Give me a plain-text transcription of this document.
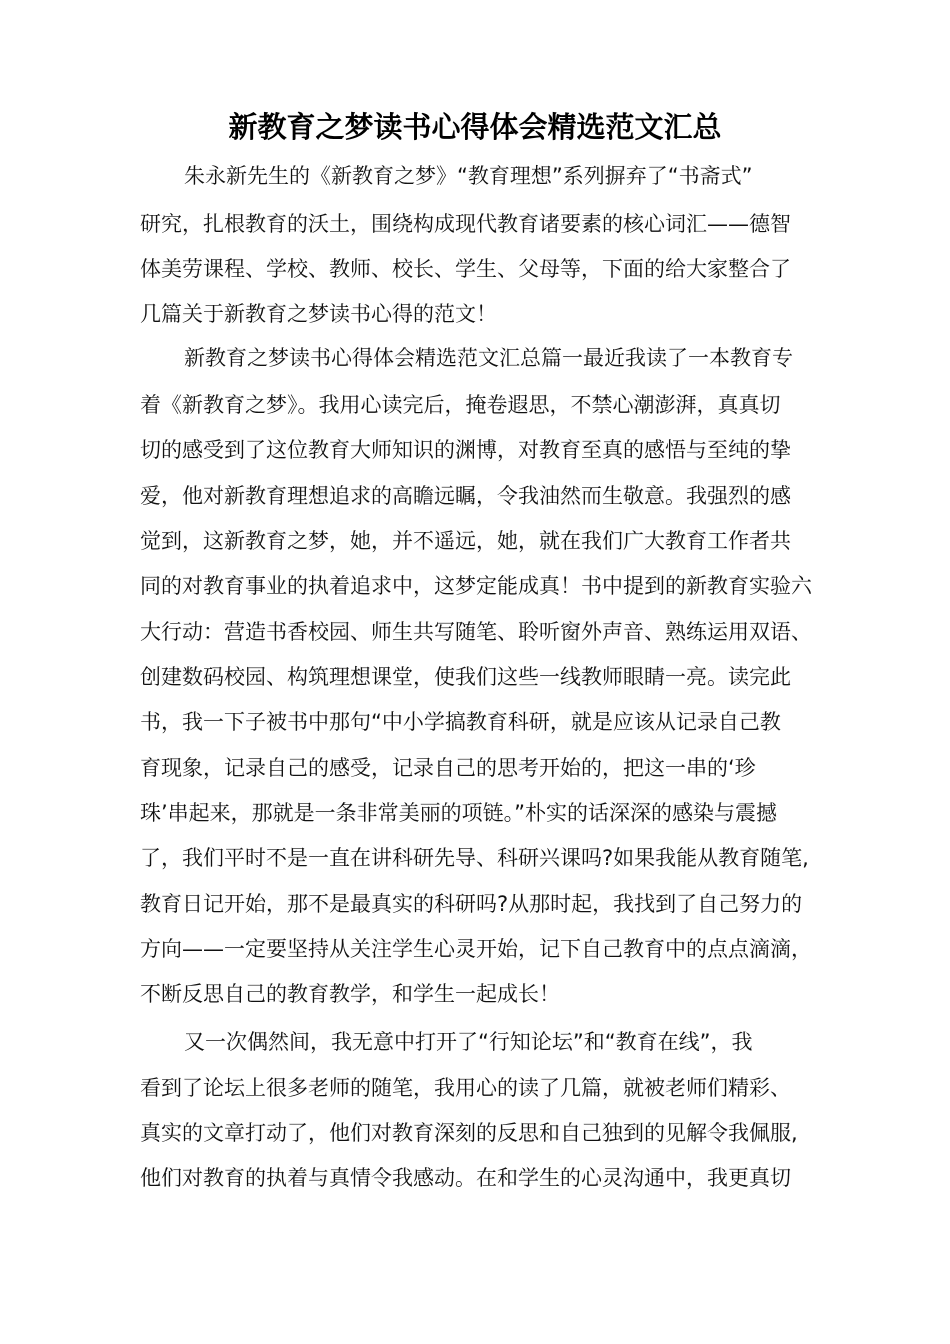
新教育之梦读书心得体会精选范文汇总
朱永新先生的《新教育之梦》“教育理想”系列摒弃了“书斋式”
研究，扎根教育的沃土，围绕构成现代教育诸要素的核心词汇——德智
体美劳课程、学校、教师、校长、学生、父母等，下面的给大家整合了
几篇关于新教育之梦读书心得的范文！
新教育之梦读书心得体会精选范文汇总篇一最近我读了一本教育专
着《新教育之梦》。我用心读完后，掩卷遐思，不禁心潮澎湃，真真切
切的感受到了这位教育大师知识的渊博，对教育至真的感悟与至纯的挚
爱，他对新教育理想追求的高瞻远瞩，令我油然而生敬意。我强烈的感
觉到，这新教育之梦，她，并不遥远，她，就在我们广大教育工作者共
同的对教育事业的执着追求中，这梦定能成真！书中提到的新教育实验六
大行动：营造书香校园、师生共写随笔、聆听窗外声音、熟练运用双语、
创建数码校园、构筑理想课堂，使我们这些一线教师眼睛一亮。读完此
书，我一下子被书中那句“中小学搞教育科研，就是应该从记录自己教
育现象，记录自己的感受，记录自己的思考开始的，把这一串的‘珍
珠’串起来，那就是一条非常美丽的项链。”朴实的话深深的感染与震撼
了，我们平时不是一直在讲科研先导、科研兴课吗?如果我能从教育随笔,
教育日记开始，那不是最真实的科研吗?从那时起，我找到了自己努力的
方向——一定要坚持从关注学生心灵开始，记下自己教育中的点点滴滴，
不断反思自己的教育教学，和学生一起成长！
又一次偶然间，我无意中打开了“行知论坛”和“教育在线”，我
看到了论坛上很多老师的随笔，我用心的读了几篇，就被老师们精彩、
真实的文章打动了，他们对教育深刻的反思和自己独到的见解令我佩服,
他们对教育的执着与真情令我感动。在和学生的心灵沟通中，我更真切
